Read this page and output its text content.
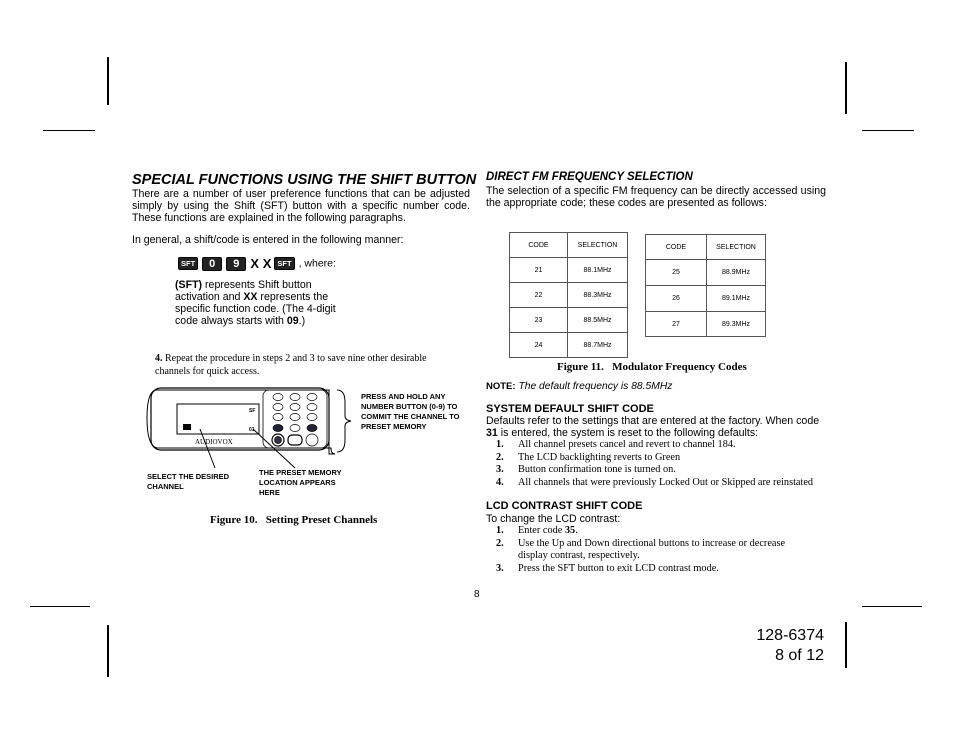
SPECIAL FUNCTIONS USING THE SHIFT BUTTON
There are a number of user preference functions that can be adjusted simply by using the Shift (SFT) button with a specific number code. These functions are explained in the following paragraphs.
In general, a shift/code is entered in the following manner:
SFT 0 9 X X SFT , where:
(SFT) represents Shift button activation and XX represents the specific function code. (The 4-digit code always starts with 09.)
4. Repeat the procedure in steps 2 and 3 to save nine other desirable channels for quick access.
SF
01
AUDIOVOX
PRESS AND HOLD ANY NUMBER BUTTON (0-9) TO COMMIT THE CHANNEL TO PRESET MEMORY
SELECT THE DESIRED CHANNEL
THE PRESET MEMORY LOCATION APPEARS HERE
Figure 10.   Setting Preset Channels
DIRECT FM FREQUENCY SELECTION
The selection of a specific FM frequency can be directly accessed using the appropriate code; these codes are presented as follows:
CODE	SELECTION
21	88.1MHz
22	88.3MHz
23	88.5MHz
24	88.7MHz
CODE	SELECTION
25	88.9MHz
26	89.1MHz
27	89.3MHz
Figure 11.   Modulator Frequency Codes
NOTE: The default frequency is 88.5MHz
SYSTEM DEFAULT SHIFT CODE
Defaults refer to the settings that are entered at the factory. When code 31 is entered, the system is reset to the following defaults:
1. All channel presets cancel and revert to channel 184.
2. The LCD backlighting reverts to Green
3. Button confirmation tone is turned on.
4. All channels that were previously Locked Out or Skipped are reinstated
LCD CONTRAST SHIFT CODE
To change the LCD contrast:
1. Enter code 35.
2. Use the Up and Down directional buttons to increase or decrease display contrast, respectively.
3. Press the SFT button to exit LCD contrast mode.
8
128-6374
8 of 12
